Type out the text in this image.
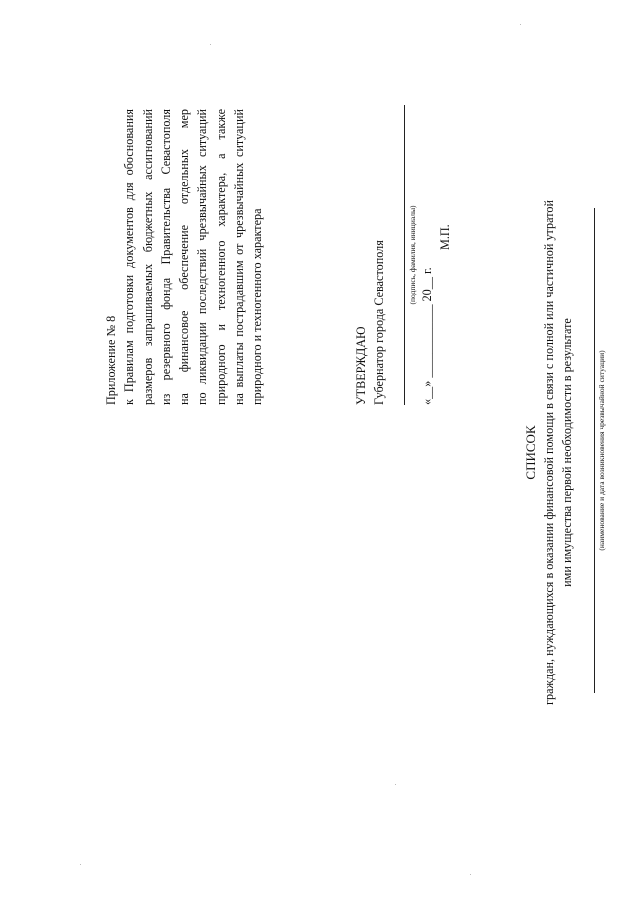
Приложение № 8 к Правилам подготовки документов для обоснования размеров запрашиваемых бюджетных ассигнований из резервного фонда Правительства Севастополя на финансовое обеспечение отдельных мер по ликвидации последствий чрезвычайных ситуаций природного и техногенного характера, а также на выплаты пострадавшим от чрезвычайных ситуаций природного и техногенного характера	УТВЕРЖДАЮ Губернатор города Севастополя	(подпись, фамилия, инициалы)
«__» ____________ 20__ г.
М.П.
СПИСОК граждан, нуждающихся в оказании финансовой помощи в связи с полной или частичной утратой ими имущества первой необходимости в результате	(наименование и дата возникновения чрезвычайной ситуации)
